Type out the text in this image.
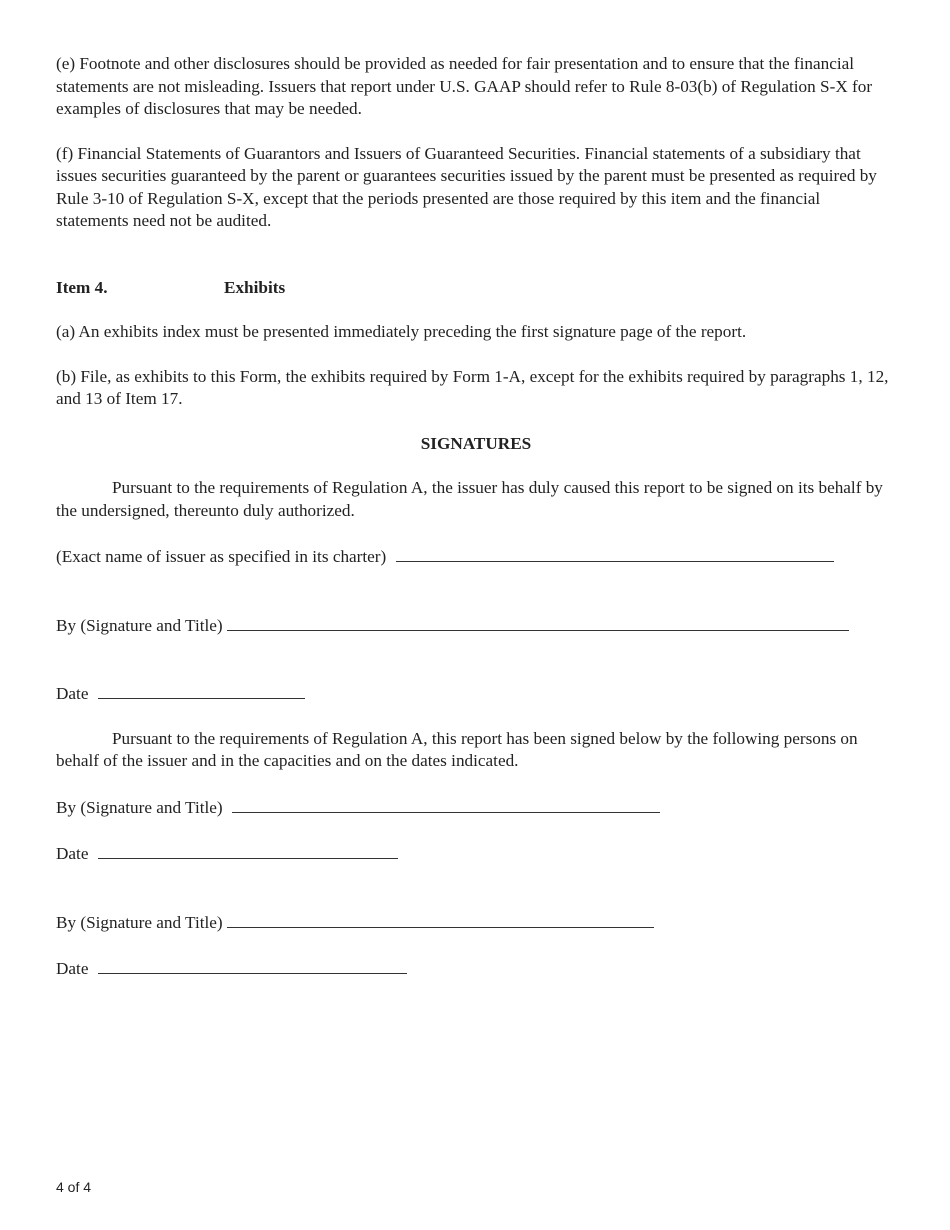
(e) Footnote and other disclosures should be provided as needed for fair presentation and to ensure that the financial statements are not misleading. Issuers that report under U.S. GAAP should refer to Rule 8-03(b) of Regulation S-X for examples of disclosures that may be needed.

(f) Financial Statements of Guarantors and Issuers of Guaranteed Securities. Financial statements of a subsidiary that issues securities guaranteed by the parent or guarantees securities issued by the parent must be presented as required by Rule 3-10 of Regulation S-X, except that the periods presented are those required by this item and the financial statements need not be audited.

Item 4.	Exhibits

(a) An exhibits index must be presented immediately preceding the first signature page of the report.

(b) File, as exhibits to this Form, the exhibits required by Form 1-A, except for the exhibits required by paragraphs 1, 12, and 13 of Item 17.

SIGNATURES

Pursuant to the requirements of Regulation A, the issuer has duly caused this report to be signed on its behalf by the undersigned, thereunto duly authorized.

(Exact name of issuer as specified in its charter)
By (Signature and Title)
Date

Pursuant to the requirements of Regulation A, this report has been signed below by the following persons on behalf of the issuer and in the capacities and on the dates indicated.

By (Signature and Title)
Date
By (Signature and Title)
Date
4 of 4
